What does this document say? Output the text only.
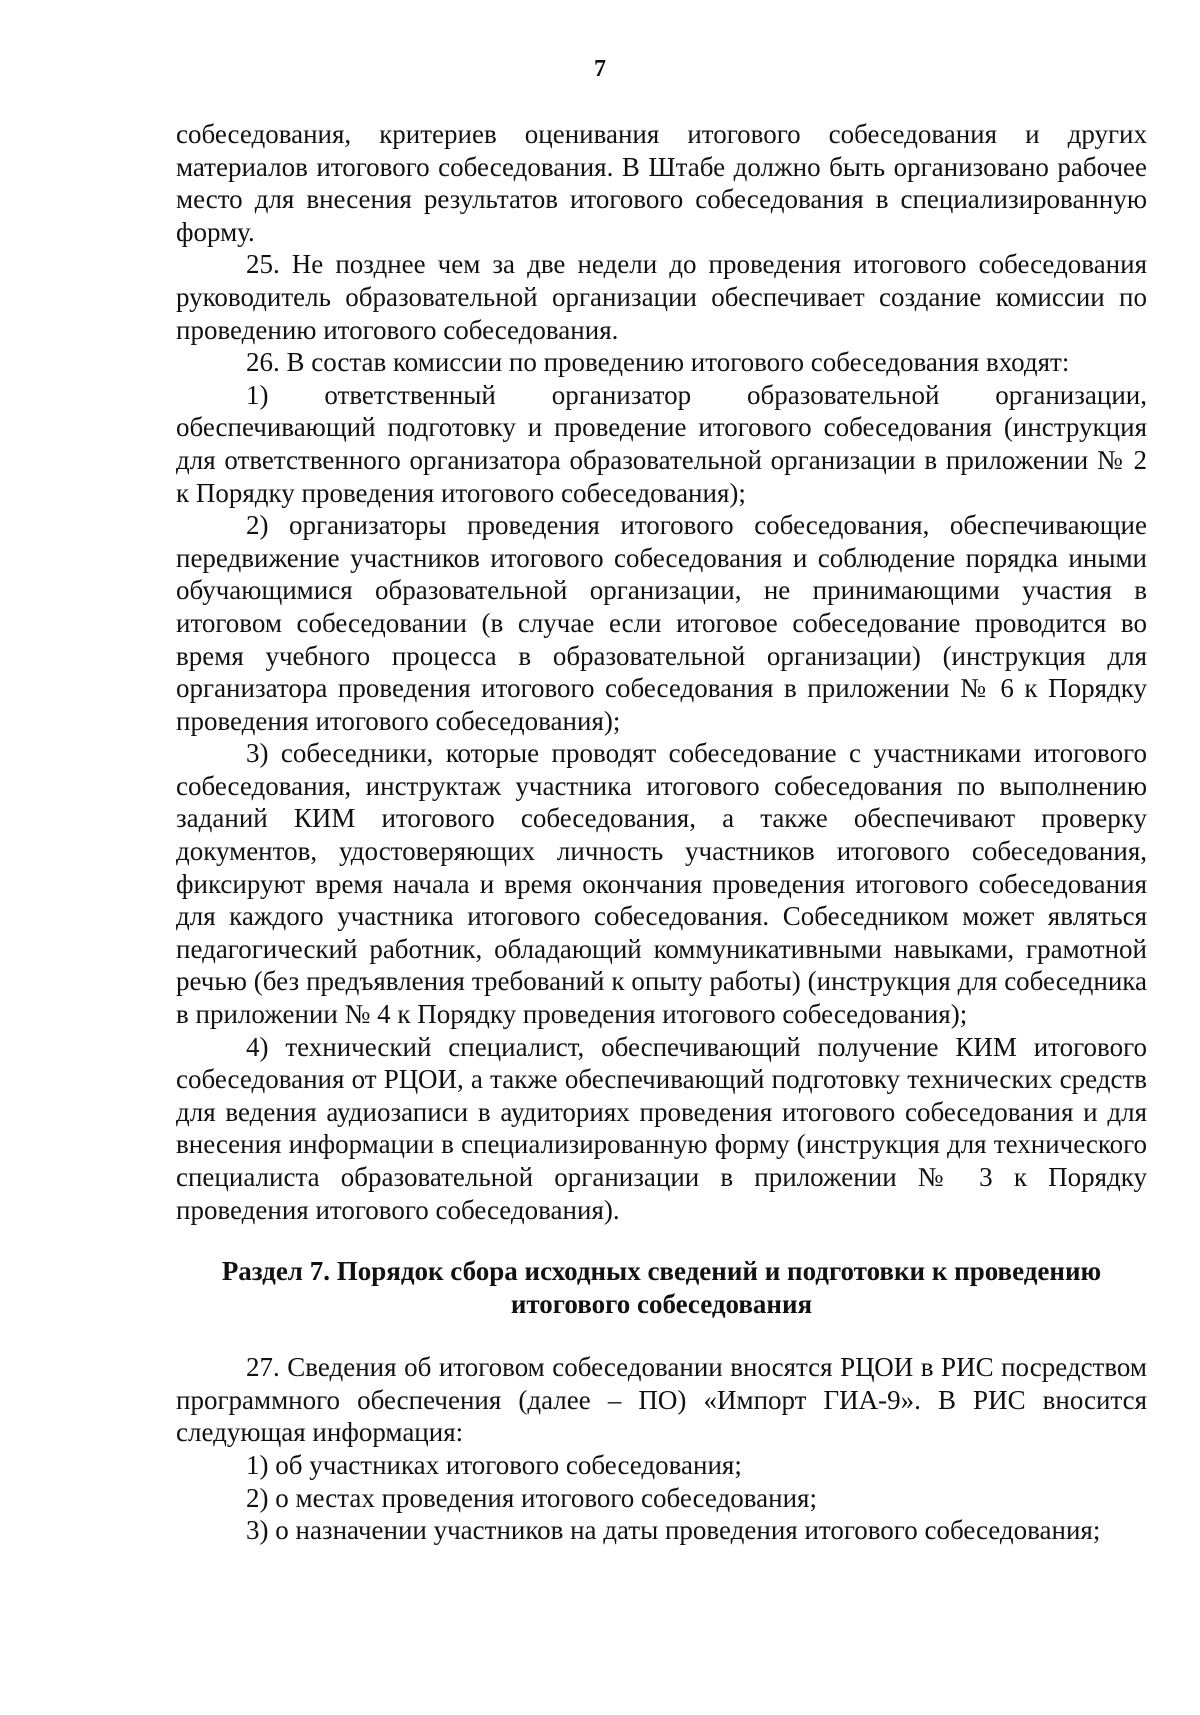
7

собеседования, критериев оценивания итогового собеседования и других материалов итогового собеседования. В Штабе должно быть организовано рабочее место для внесения результатов итогового собеседования в специализированную форму.

25. Не позднее чем за две недели до проведения итогового собеседования руководитель образовательной организации обеспечивает создание комиссии по проведению итогового собеседования.

26. В состав комиссии по проведению итогового собеседования входят:

1) ответственный организатор образовательной организации, обеспечивающий подготовку и проведение итогового собеседования (инструкция для ответственного организатора образовательной организации в приложении № 2 к Порядку проведения итогового собеседования);

2) организаторы проведения итогового собеседования, обеспечивающие передвижение участников итогового собеседования и соблюдение порядка иными обучающимися образовательной организации, не принимающими участия в итоговом собеседовании (в случае если итоговое собеседование проводится во время учебного процесса в образовательной организации) (инструкция для организатора проведения итогового собеседования в приложении № 6 к Порядку проведения итогового собеседования);

3) собеседники, которые проводят собеседование с участниками итогового собеседования, инструктаж участника итогового собеседования по выполнению заданий КИМ итогового собеседования, а также обеспечивают проверку документов, удостоверяющих личность участников итогового собеседования, фиксируют время начала и время окончания проведения итогового собеседования для каждого участника итогового собеседования. Собеседником может являться педагогический работник, обладающий коммуникативными навыками, грамотной речью (без предъявления требований к опыту работы) (инструкция для собеседника в приложении № 4 к Порядку проведения итогового собеседования);

4) технический специалист, обеспечивающий получение КИМ итогового собеседования от РЦОИ, а также обеспечивающий подготовку технических средств для ведения аудиозаписи в аудиториях проведения итогового собеседования и для внесения информации в специализированную форму (инструкция для технического специалиста образовательной организации в приложении № 3 к Порядку проведения итогового собеседования).

Раздел 7. Порядок сбора исходных сведений и подготовки к проведению
итогового собеседования

27. Сведения об итоговом собеседовании вносятся РЦОИ в РИС посредством программного обеспечения (далее – ПО) «Импорт ГИА-9». В РИС вносится следующая информация:

1) об участниках итогового собеседования;

2) о местах проведения итогового собеседования;

3) о назначении участников на даты проведения итогового собеседования;
